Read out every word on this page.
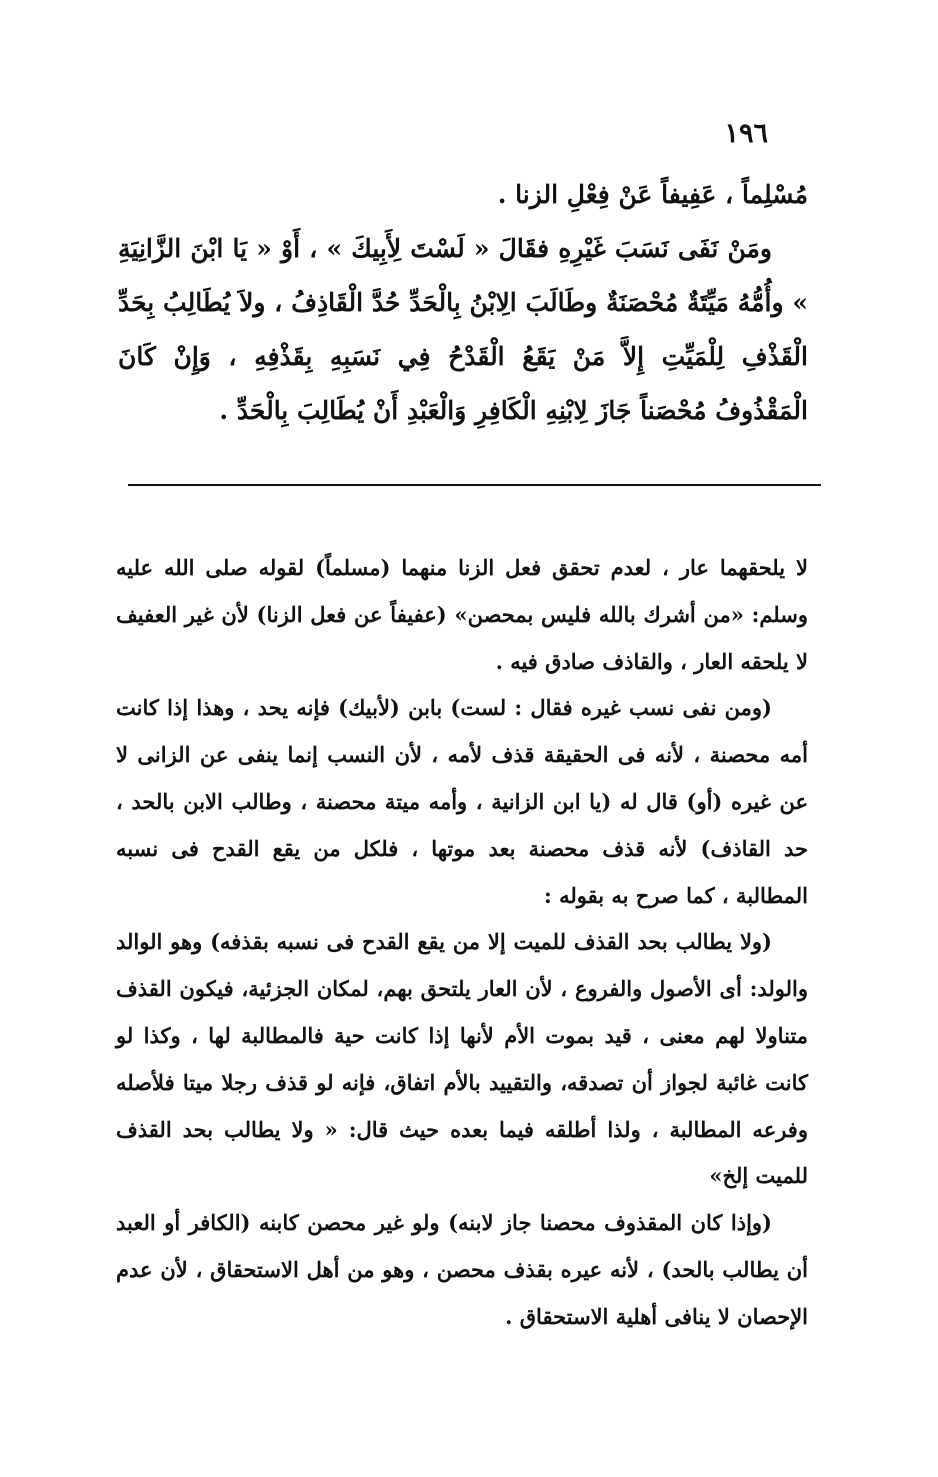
١٩٦

مُسْلِماً ، عَفِيفاً عَنْ فِعْلِ الزنا .

ومَنْ نَفَى نَسَبَ غَيْرِهِ فقَالَ « لَسْتَ لِأَبِيكَ » ، أَوْ « يَا ابْنَ الزَّانِيَةِ » وأُمُّهُ مَيِّتَةٌ مُحْصَنَةٌ وطَالَبَ الِابْنُ بِالْحَدِّ حُدَّ الْقَاذِفُ ، ولاَ يُطَالِبُ بِحَدِّ الْقَذْفِ لِلْمَيِّتِ إِلاَّ مَنْ يَقَعُ الْقَدْحُ فِي نَسَبِهِ بِقَذْفِهِ ، وَإِنْ كَانَ الْمَقْذُوفُ مُحْصَناً جَازَ لِابْنِهِ الْكَافِرِ وَالْعَبْدِ أَنْ يُطَالِبَ بِالْحَدِّ .

لا يلحقهما عار ، لعدم تحقق فعل الزنا منهما (مسلماً) لقوله صلى الله عليه وسلم: «من أشرك بالله فليس بمحصن» (عفيفاً عن فعل الزنا) لأن غير العفيف لا يلحقه العار ، والقاذف صادق فيه .

(ومن نفى نسب غيره فقال : لست) بابن (لأبيك) فإنه يحد ، وهذا إذا كانت أمه محصنة ، لأنه فى الحقيقة قذف لأمه ، لأن النسب إنما ينفى عن الزانى لا عن غيره (أو) قال له (يا ابن الزانية ، وأمه ميتة محصنة ، وطالب الابن بالحد ، حد القاذف) لأنه قذف محصنة بعد موتها ، فلكل من يقع القدح فى نسبه المطالبة ، كما صرح به بقوله :

(ولا يطالب بحد القذف للميت إلا من يقع القدح فى نسبه بقذفه) وهو الوالد والولد: أى الأصول والفروع ، لأن العار يلتحق بهم، لمكان الجزئية، فيكون القذف متناولا لهم معنى ، قيد بموت الأم لأنها إذا كانت حية فالمطالبة لها ، وكذا لو كانت غائبة لجواز أن تصدقه، والتقييد بالأم اتفاق، فإنه لو قذف رجلا ميتا فلأصله وفرعه المطالبة ، ولذا أطلقه فيما بعده حيث قال: « ولا يطالب بحد القذف للميت إلخ»

(وإذا كان المقذوف محصنا جاز لابنه) ولو غير محصن كابنه (الكافر أو العبد أن يطالب بالحد) ، لأنه عيره بقذف محصن ، وهو من أهل الاستحقاق ، لأن عدم الإحصان لا ينافى أهلية الاستحقاق .
